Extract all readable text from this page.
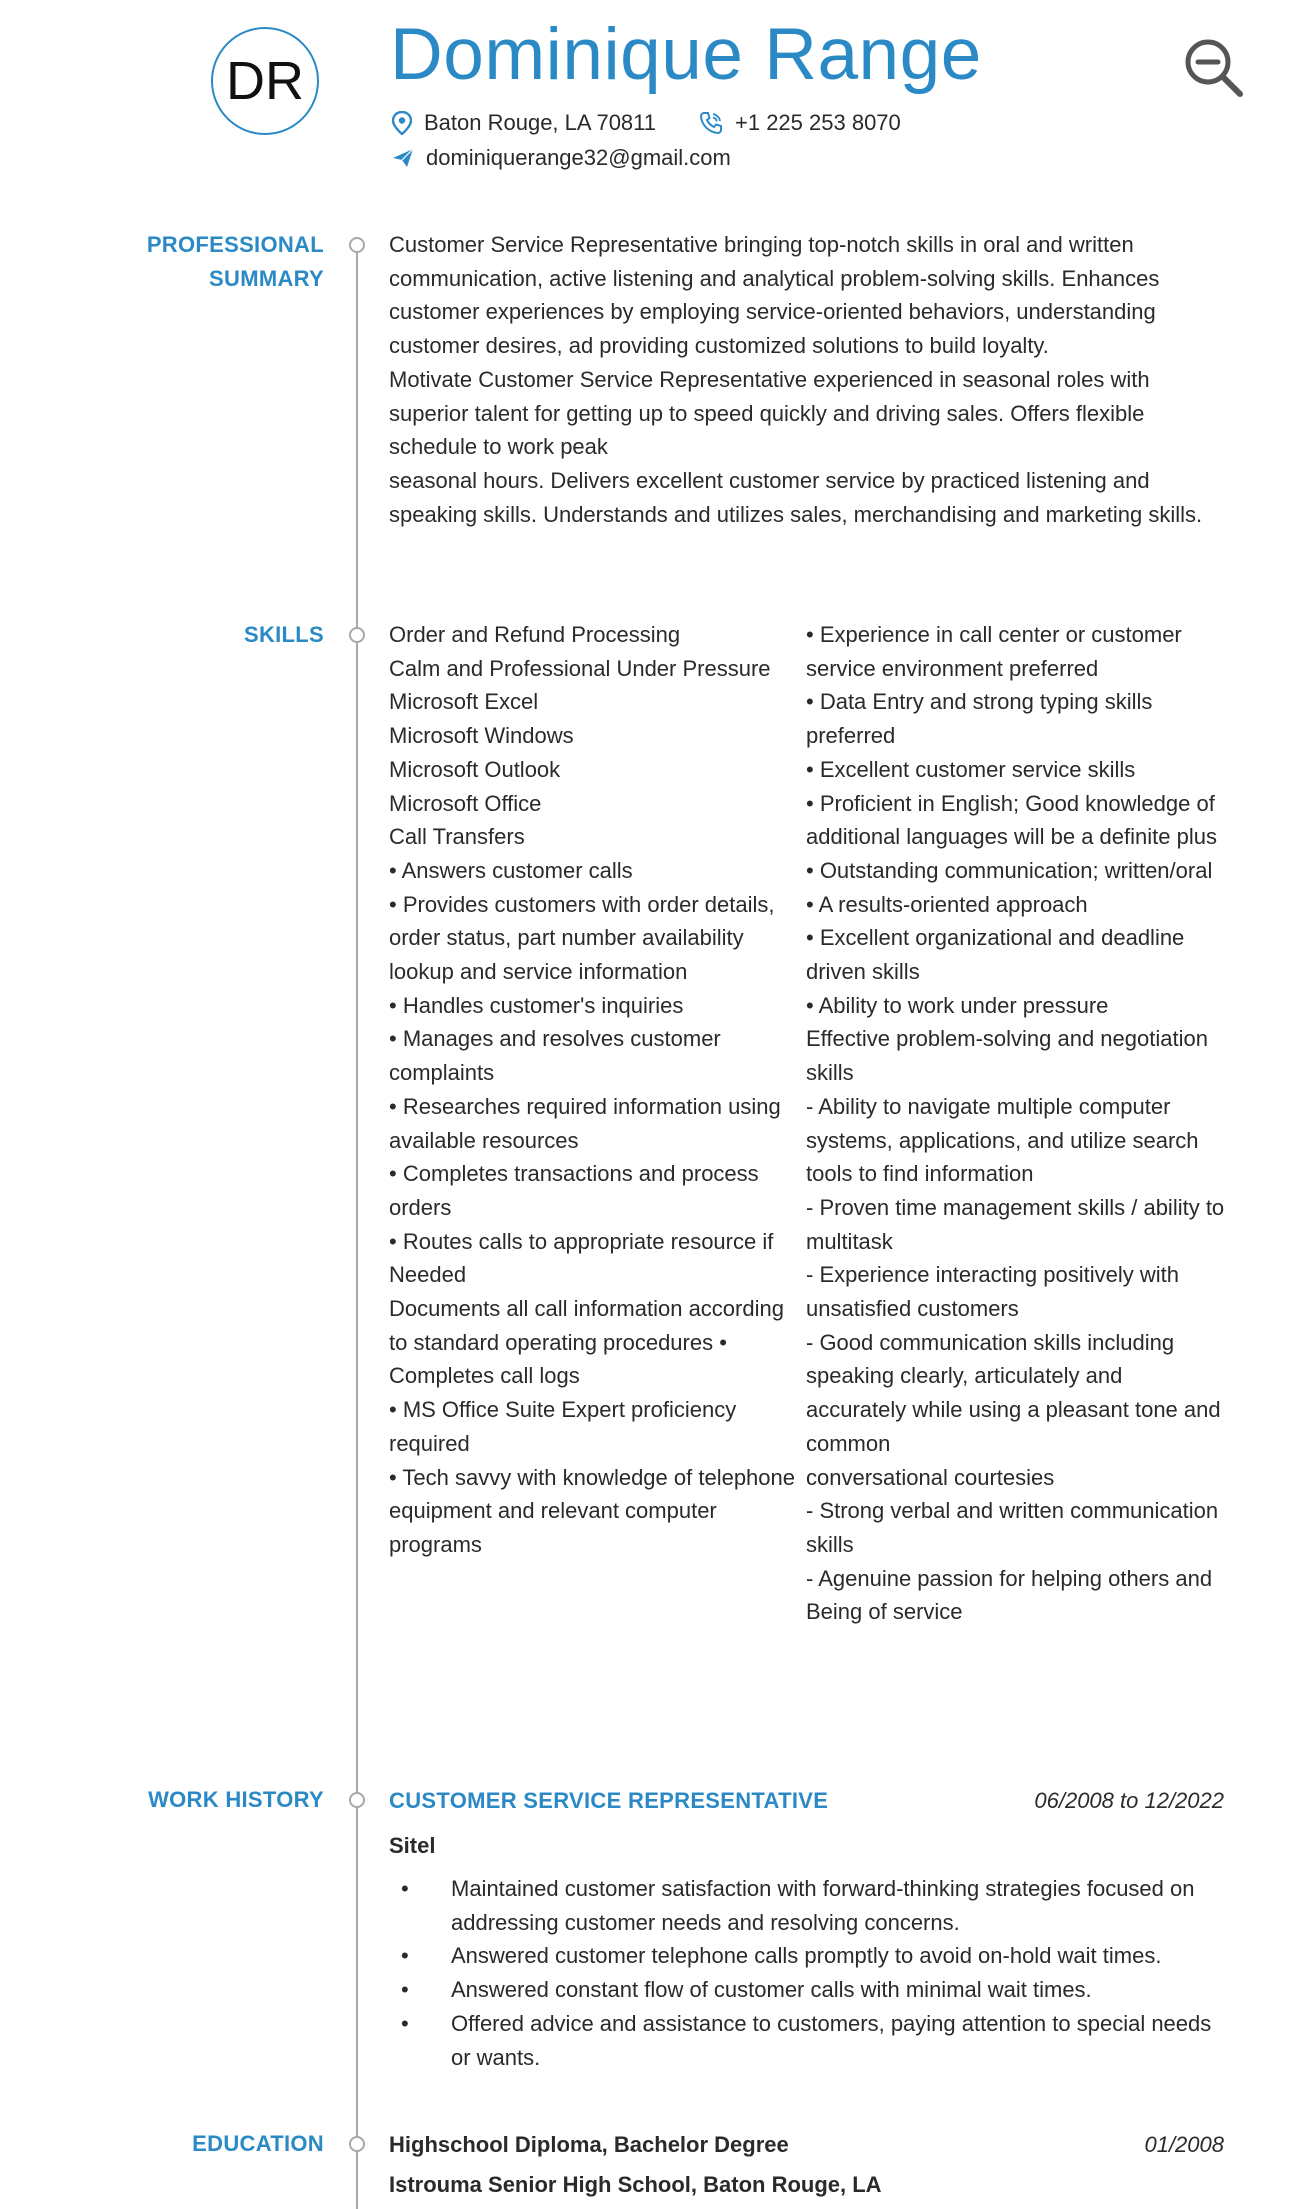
DR Dominique Range
Baton Rouge, LA 70811	+1 225 253 8070
dominiquerange32@gmail.com
PROFESSIONAL
SUMMARY

Customer Service Representative bringing top-notch skills in oral and written communication, active listening and analytical problem-solving skills. Enhances customer experiences by employing service-oriented behaviors, understanding customer desires, ad providing customized solutions to build loyalty.

Motivate Customer Service Representative experienced in seasonal roles with superior talent for getting up to speed quickly and driving sales. Offers flexible schedule to work peak

seasonal hours. Delivers excellent customer service by practiced listening and speaking skills. Understands and utilizes sales, merchandising and marketing skills.

SKILLS	Order and Refund Processing
Calm and Professional Under Pressure
Microsoft Excel
Microsoft Windows
Microsoft Outlook
Microsoft Office
Call Transfers
• Answers customer calls
• Provides customers with order details, order status, part number availability lookup and service information
• Handles customer's inquiries
• Manages and resolves customer complaints
• Researches required information using available resources
• Completes transactions and process orders
• Routes calls to appropriate resource if Needed
Documents all call information according to standard operating procedures • Completes call logs
• MS Office Suite Expert proficiency required
• Tech savvy with knowledge of telephone equipment and relevant computer programs
• Experience in call center or customer service environment preferred
• Data Entry and strong typing skills preferred
• Excellent customer service skills
• Proficient in English; Good knowledge of additional languages will be a definite plus
• Outstanding communication; written/oral • A results-oriented approach
• Excellent organizational and deadline driven skills
• Ability to work under pressure
Effective problem-solving and negotiation skills
- Ability to navigate multiple computer systems, applications, and utilize search tools to find information
- Proven time management skills / ability to multitask
- Experience interacting positively with unsatisfied customers
- Good communication skills including speaking clearly, articulately and accurately while using a pleasant tone and common
conversational courtesies
- Strong verbal and written communication
skills
- Agenuine passion for helping others and Being of service
WORK HISTORY	CUSTOMER SERVICE REPRESENTATIVE	06/2008 to 12/2022
Sitel
• Maintained customer satisfaction with forward-thinking strategies focused on addressing customer needs and resolving concerns.
• Answered customer telephone calls promptly to avoid on-hold wait times.
• Answered constant flow of customer calls with minimal wait times.
• Offered advice and assistance to customers, paying attention to special needs or wants.
EDUCATION	Highschool Diploma, Bachelor Degree	01/2008
Istrouma Senior High School, Baton Rouge, LA
